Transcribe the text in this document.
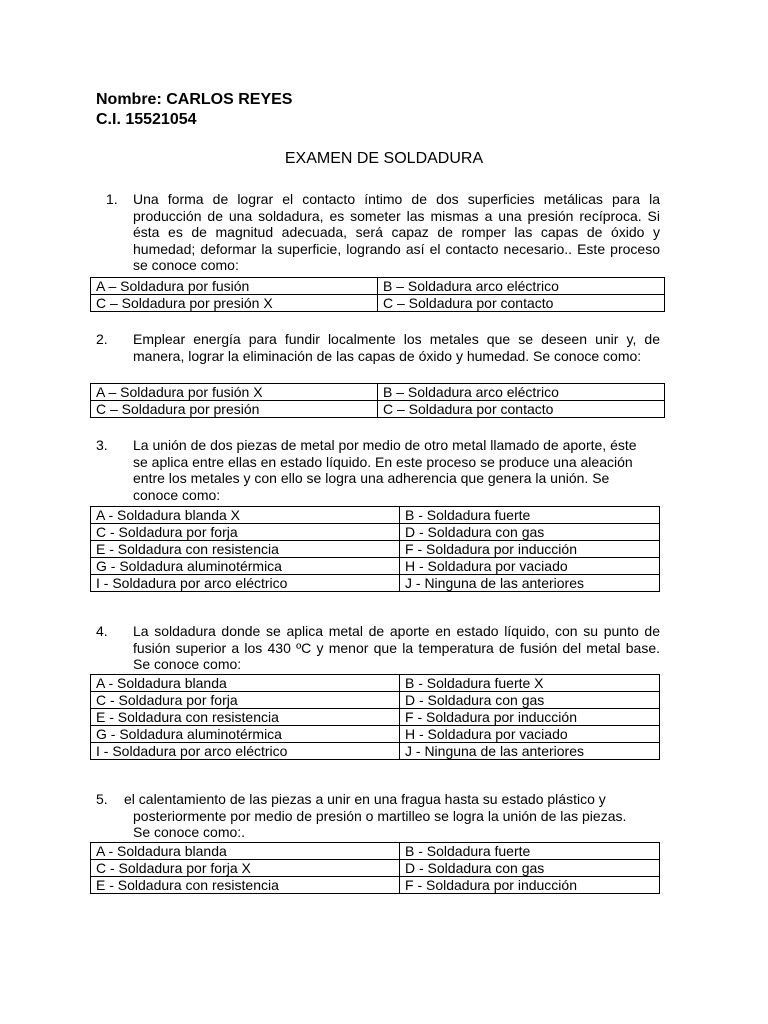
Nombre: CARLOS REYES
C.I. 15521054
EXAMEN DE SOLDADURA
1. Una forma de lograr el contacto íntimo de dos superficies metálicas para la producción de una soldadura, es someter las mismas a una presión recíproca. Si ésta es de magnitud adecuada, será capaz de romper las capas de óxido y humedad; deformar la superficie, logrando así el contacto necesario.. Este proceso se conoce como:
A – Soldadura por fusión	B – Soldadura arco eléctrico
C – Soldadura por presión X	C – Soldadura por contacto
2. Emplear energía para fundir localmente los metales que se deseen unir y, de manera, lograr la eliminación de las capas de óxido y humedad. Se conoce como:
A – Soldadura por fusión X	B – Soldadura arco eléctrico
C – Soldadura por presión	C – Soldadura por contacto
3. La unión de dos piezas de metal por medio de otro metal llamado de aporte, éste se aplica entre ellas en estado líquido. En este proceso se produce una aleación entre los metales y con ello se logra una adherencia que genera la unión. Se conoce como:
A - Soldadura blanda X	B - Soldadura fuerte
C - Soldadura por forja	D - Soldadura con gas
E - Soldadura con resistencia	F - Soldadura por inducción
G - Soldadura aluminotérmica	H - Soldadura por vaciado
I - Soldadura por arco eléctrico	J - Ninguna de las anteriores
4. La soldadura donde se aplica metal de aporte en estado líquido, con su punto de fusión superior a los 430 ºC y menor que la temperatura de fusión del metal base. Se conoce como:
A - Soldadura blanda	B - Soldadura fuerte X
C - Soldadura por forja	D - Soldadura con gas
E - Soldadura con resistencia	F - Soldadura por inducción
G - Soldadura aluminotérmica	H - Soldadura por vaciado
I - Soldadura por arco eléctrico	J - Ninguna de las anteriores
5. el calentamiento de las piezas a unir en una fragua hasta su estado plástico y posteriormente por medio de presión o martilleo se logra la unión de las piezas. Se conoce como:.
A - Soldadura blanda	B - Soldadura fuerte
C - Soldadura por forja X	D - Soldadura con gas
E - Soldadura con resistencia	F - Soldadura por inducción
